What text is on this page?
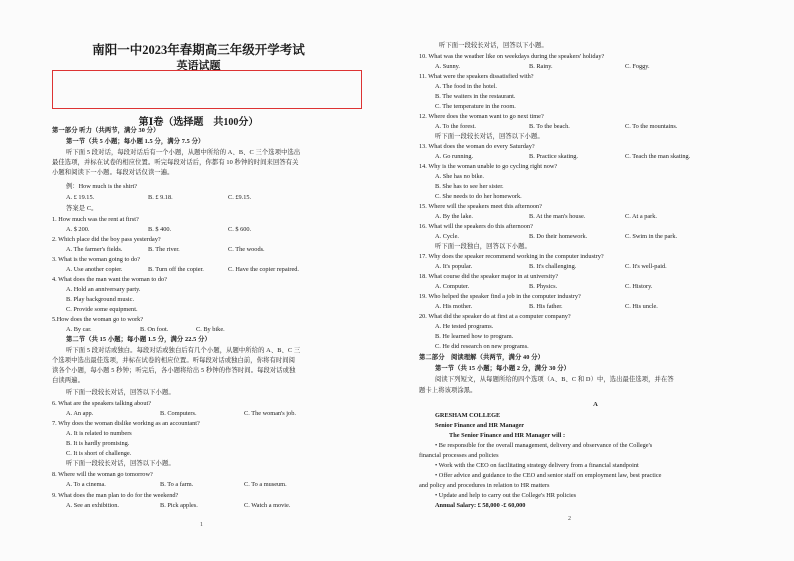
南阳一中2023年春期高三年级开学考试
英语试题
第Ⅰ卷（选择题　共100分）
第一部分 听力（共两节，满分 30 分）
第一节（共 5 小题；每小题 1.5 分，满分 7.5 分）
听下面 5 段对话，每段对话后有一个小题，从题中所给的 A、B、C 三个选项中选出
最佳选项，并标在试卷的相应位置。听完每段对话后，你都有 10 秒钟的时间来回答有关
小题和阅读下一小题。每段对话仅读一遍。
例：How much is the shirt?
A. £ 19.15.	B. £ 9.18.	C. £9.15.
答案是 C。
1. How much was the rent at first?
A. $ 200.	B. $ 400.	C. $ 600.
2. Which place did the boy pass yesterday?
A. The farmer's fields.	B. The river.	C. The woods.
3. What is the woman going to do?
A. Use another copier.	B. Turn off the copier.	C. Have the copier repaired.
4. What does the man want the woman to do?
A. Hold an anniversary party.
B. Play background music.
C. Provide some equipment.
5.How does the woman go to work?
A. By car.	B. On foot.	C. By bike.
第二节（共 15 小题；每小题 1.5 分，满分 22.5 分）
听下面 5 段对话或独白。每段对话或独白后有几个小题，从题中所给的 A、B、C 三
个选项中选出最佳选项，并标在试卷的相应位置。听每段对话或独白前，你将有时间阅
读各个小题，每小题 5 秒钟；听完后，各小题将给出 5 秒钟的作答时间。每段对话或独
白读两遍。
听下面一段较长对话，回答以下小题。
6. What are the speakers talking about?
A. An app.	B. Computers.	C. The woman's job.
7. Why does the woman dislike working as an accountant?
A. It is related to numbers
B. It is hardly promising.
C. It is short of challenge.
听下面一段较长对话，回答以下小题。
8. Where will the woman go tomorrow?
A. To a cinema.	B. To a farm.	C. To a museum.
9. What does the man plan to do for the weekend?
A. See an exhibition.	B. Pick apples.	C. Watch a movie.
1
听下面一段较长对话，回答以下小题。
10. What was the weather like on weekdays during the speakers' holiday?
A. Sunny.	B. Rainy.	C. Foggy.
11. What were the speakers dissatisfied with?
A. The food in the hotel.
B. The waiters in the restaurant.
C. The temperature in the room.
12. Where does the woman want to go next time?
A. To the forest.	B. To the beach.	C. To the mountains.
听下面一段较长对话，回答以下小题。
13. What does the woman do every Saturday?
A. Go running.	B. Practice skating.	C. Teach the man skating.
14. Why is the woman unable to go cycling right now?
A. She has no bike.
B. She has to see her sister.
C. She needs to do her homework.
15. Where will the speakers meet this afternoon?
A. By the lake.	B. At the man's house.	C. At a park.
16. What will the speakers do this afternoon?
A. Cycle.	B. Do their homework.	C. Swim in the park.
听下面一段独白，回答以下小题。
17. Why does the speaker recommend working in the computer industry?
A. It's popular.	B. It's challenging.	C. It's well-paid.
18. What course did the speaker major in at university?
A. Computer.	B. Physics.	C. History.
19. Who helped the speaker find a job in the computer industry?
A. His mother.	B. His father.	C. His uncle.
20. What did the speaker do at first at a computer company?
A. He tested programs.
B. He learned how to program.
C. He did research on new programs.
第二部分　阅读理解（共两节，满分 40 分）
第一节（共 15 小题；每小题 2 分，满分 30 分）
阅读下列短文，从每题所给的四个选项（A、B、C 和 D）中，选出最佳选项，并在答
题卡上将该项涂黑。
A
GRESHAM COLLEGE
Senior Finance and HR Manager
The Senior Finance and HR Manager will :
• Be responsible for the overall management, delivery and observance of the College's
financial processes and policies
• Work with the CEO on facilitating strategy delivery from a financial standpoint
• Offer advice and guidance to the CEO and senior staff on employment law, best practice
and policy and procedures in relation to HR matters
• Update and help to carry out the College's HR policies
Annual Salary: £ 58,000 -£ 60,000
2
